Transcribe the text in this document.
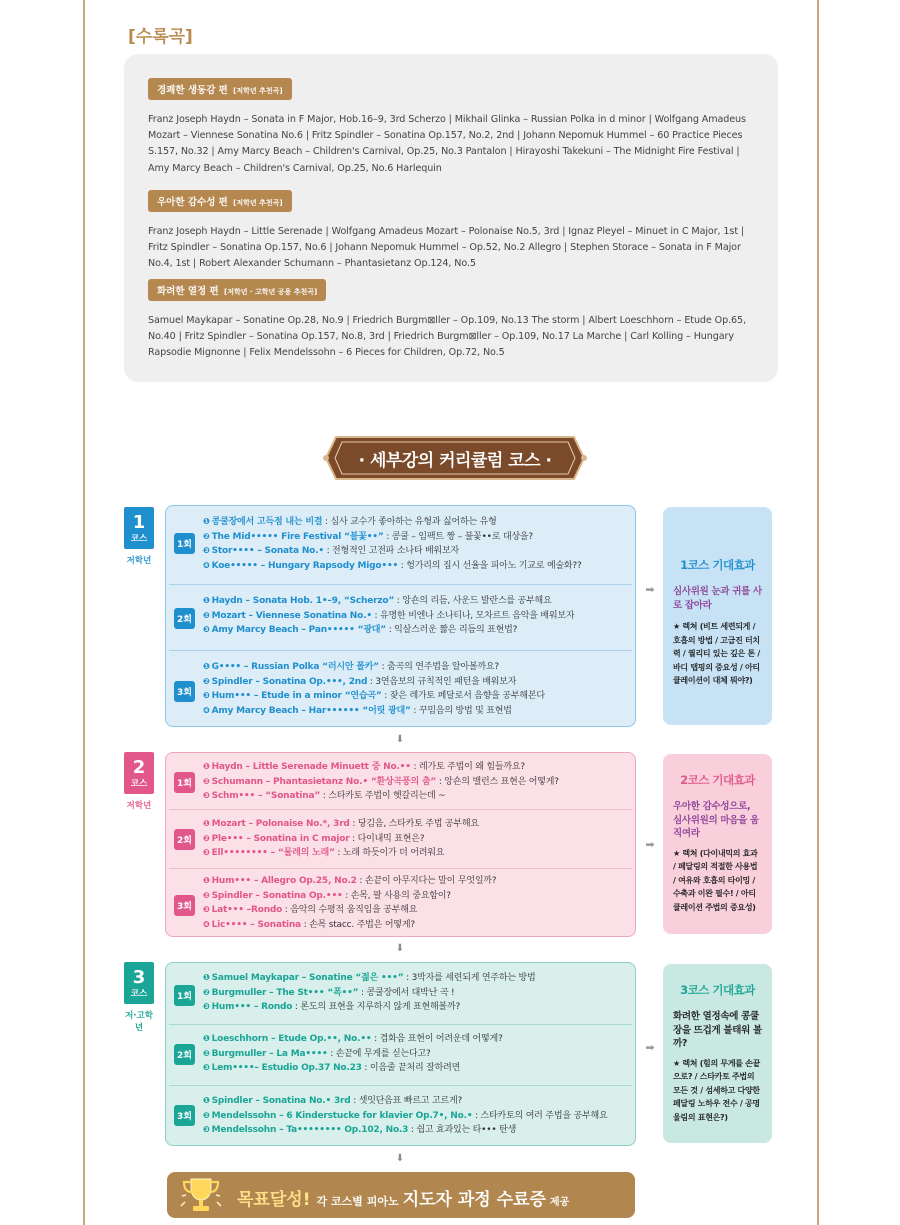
[수록곡]
경쾌한 생동감 편 [저학년 추천곡]
Franz Joseph Haydn – Sonata in F Major, Hob.16–9, 3rd Scherzo | Mikhail Glinka – Russian Polka in d minor | Wolfgang Amadeus Mozart – Viennese Sonatina No.6 | Fritz Spindler – Sonatina Op.157, No.2, 2nd | Johann Nepomuk Hummel – 60 Practice Pieces S.157, No.32 | Amy Marcy Beach – Children's Carnival, Op.25, No.3 Pantalon | Hirayoshi Takekuni – The Midnight Fire Festival | Amy Marcy Beach – Children's Carnival, Op.25, No.6 Harlequin
우아한 감수성 편 [저학년 추천곡]
Franz Joseph Haydn – Little Serenade | Wolfgang Amadeus Mozart – Polonaise No.5, 3rd | Ignaz Pleyel – Minuet in C Major, 1st | Fritz Spindler – Sonatina Op.157, No.6 | Johann Nepomuk Hummel – Op.52, No.2 Allegro | Stephen Storace – Sonata in F Major No.4, 1st | Robert Alexander Schumann – Phantasietanz Op.124, No.5
화려한 열정 편 [저학년 · 고학년 공용 추천곡]
Samuel Maykapar – Sonatine Op.28, No.9 | Friedrich Burgm⊠ller – Op.109, No.13 The storm | Albert Loeschhorn – Etude Op.65, No.40 | Fritz Spindler – Sonatina Op.157, No.8, 3rd | Friedrich Burgm⊠ller – Op.109, No.17 La Marche | Carl Kolling – Hungary Rapsodie Mignonne | Felix Mendelssohn – 6 Pieces for Children, Op.72, No.5
· 세부강의 커리큘럼 코스 ·
1
코스
저학년
1회
❶ 콩쿨장에서 고득점 내는 비결 : 심사 교수가 좋아하는 유형과 싫어하는 유형
❷ The Mid••••• Fire Festival “불꽃••” : 콩쿨 – 임팩트 짱 – 불꽃••로 대상을?
❸ Stor•••• – Sonata No.• : 전형적인 고전파 소나타 배워보자
❹ Koe••••• – Hungary Rapsody Migo••• : 헝가리의 집시 선율을 피아노 기교로 예술화??
2회
❶ Haydn – Sonata Hob. 1•–9, “Scherzo” : 앙숀의 리듬, 사운드 발란스를 공부해요
❷ Mozart – Viennese Sonatina No.• : 유명한 비엔나 소나티나, 모차르트 음악을 배워보자
❸ Amy Marcy Beach – Pan••••• “광대” : 익살스러운 짧은 리듬의 표현법?
3회
❶ G•••• – Russian Polka “러시안 폴카” : 춤곡의 연주법을 알아볼까요?
❷ Spindler – Sonatina Op.•••, 2nd : 3연음보의 규칙적인 패턴을 배워보자
❸ Hum••• – Etude in a minor “연습곡” : 잦은 레가토 페달로서 음향을 공부해본다
❹ Amy Marcy Beach – Har•••••• “어릿 광대” : 꾸밈음의 방법 및 표현법
➡
1코스 기대효과
심사위원 눈과 귀를 사로 잡아라
★ 렉쳐 (비트 세련되게 / 호흡의 방법 / 고급진 터치력 / 퀄리티 있는 깊은 톤 / 바디 탭핑의 중요성 / 아티큘레이션이 대체 뭐야?)
⬇
2
코스
저학년
1회
❶ Haydn – Little Serenade Minuett 중 No.•• : 레가토 주법이 왜 힘들까요?
❷ Schumann – Phantasietanz No.• “환상곡풍의 춤” : 앙숀의 밸런스 표현은 어떻게?
❸ Schm••• – “Sonatina” : 스타카토 주법이 헷갈리는데 ~
2회
❶ Mozart – Polonaise No.*, 3rd : 당김음, 스타카토 주법 공부해요
❷ Ple••• – Sonatina in C major : 다이내믹 표현은?
❸ Ell•••••••• – “물레의 노래” : 노래 하듯이가 더 어려워요
3회
❶ Hum••• – Allegro Op.25, No.2 : 손끝이 아무지다는 말이 무엇일까?
❷ Spindler – Sonatina Op.••• : 손목, 팔 사용의 중요함이?
❸ Lat••• –Rondo : 음악의 수평적 움직임을 공부해요
❹ Lic•••• – Sonatina : 손목 stacc. 주법은 어떻게?
➡
2코스 기대효과
우아한 감수성으로, 심사위원의 마음을 움직여라
★ 렉쳐 (다이내믹의 효과 / 페달링의 적절한 사용법 / 여유와 호흡의 타이밍 / 수축과 이완 필수! / 아티큘레이션 주법의 중요성)
⬇
3
코스
저·고학년
1회
❶ Samuel Maykapar – Sonatine “젊은 •••” : 3박자를 세련되게 연주하는 방법
❷ Burgmuller – The St••• “폭••” : 콩쿨장에서 대박난 곡 !
❸ Hum••• – Rondo : 론도의 표현을 지루하지 않게 표현해볼까?
2회
❶ Loeschhorn – Etude Op.••, No.•• : 겹화음 표현이 어려운데 어떻게?
❷ Burgmuller – La Ma•••• : 손끝에 무게를 싣는다고?
❸ Lem••••– Estudio Op.37 No.23 : 이음줄 끝처리 잘하려면
3회
❶ Spindler – Sonatina No.• 3rd : 셋잇단음표 빠르고 고르게?
❷ Mendelssohn – 6 Kinderstucke for klavier Op.7•, No.• : 스타카토의 여러 주법을 공부해요
❸ Mendelssohn – Ta•••••••• Op.102, No.3 : 쉽고 효과있는 타••• 탄생
➡
3코스 기대효과
화려한 열정속에 콩쿨장을 뜨겁게 불태워 볼까?
★ 렉쳐 (힘의 무게를 손끝으로? / 스타카토 주법의 모든 것 / 섬세하고 다양한 페달링 노하우 전수 / 공명 울림의 표현은?)
⬇
목표달성! 각 코스별 피아노 지도자 과정 수료증 제공
